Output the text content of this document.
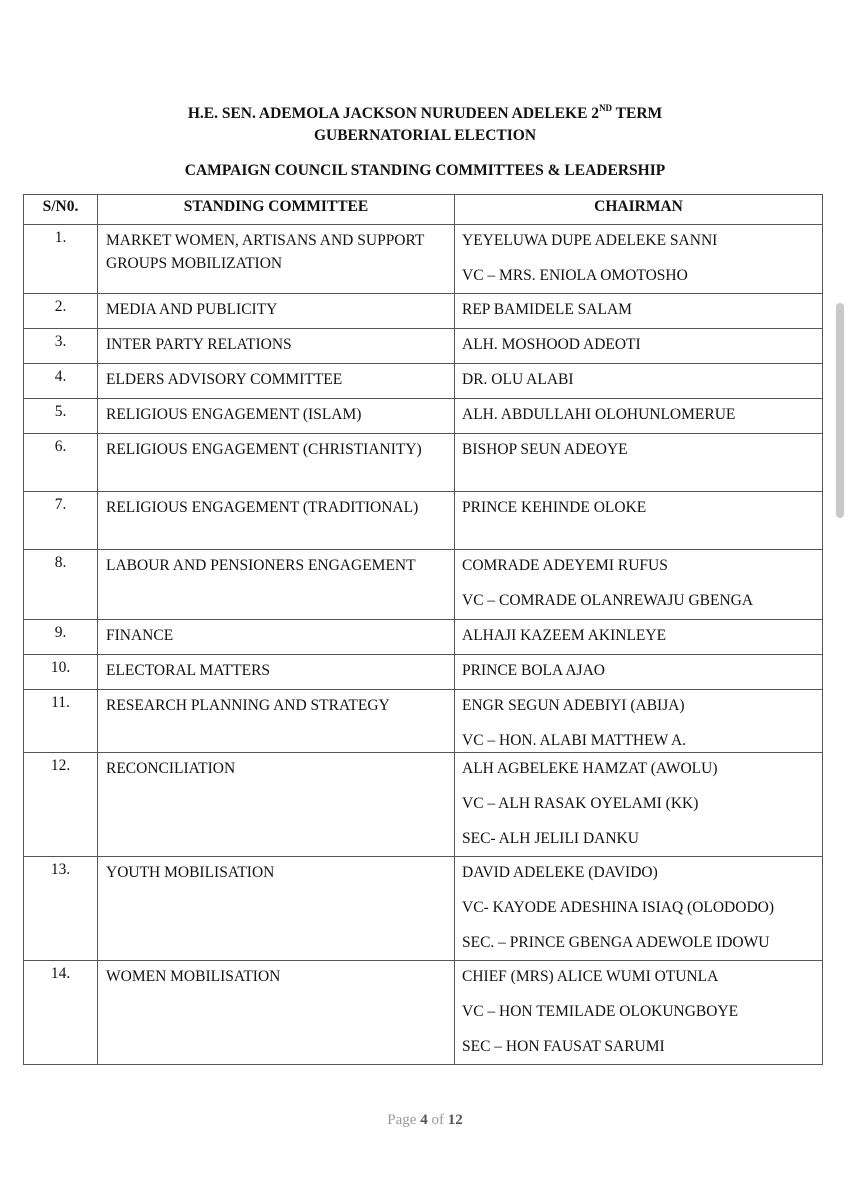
H.E. SEN. ADEMOLA JACKSON NURUDEEN ADELEKE 2ND TERM
GUBERNATORIAL ELECTION
CAMPAIGN COUNCIL STANDING COMMITTEES & LEADERSHIP
S/N0.	STANDING COMMITTEE	CHAIRMAN
1.	MARKET WOMEN, ARTISANS AND SUPPORT GROUPS MOBILIZATION	YEYELUWA DUPE ADELEKE SANNI
VC – MRS. ENIOLA OMOTOSHO

2.	MEDIA AND PUBLICITY	REP BAMIDELE SALAM

3.	INTER PARTY RELATIONS	ALH. MOSHOOD ADEOTI

4.	ELDERS ADVISORY COMMITTEE	DR. OLU ALABI

5.	RELIGIOUS ENGAGEMENT (ISLAM)	ALH. ABDULLAHI OLOHUNLOMERUE

6.	RELIGIOUS ENGAGEMENT (CHRISTIANITY)	BISHOP SEUN ADEOYE

7.	RELIGIOUS ENGAGEMENT (TRADITIONAL)	PRINCE KEHINDE OLOKE

8.	LABOUR AND PENSIONERS ENGAGEMENT	COMRADE ADEYEMI RUFUS
VC – COMRADE OLANREWAJU GBENGA

9.	FINANCE	ALHAJI KAZEEM AKINLEYE

10.	ELECTORAL MATTERS	PRINCE BOLA AJAO

11.	RESEARCH PLANNING AND STRATEGY	ENGR SEGUN ADEBIYI (ABIJA)
VC – HON. ALABI MATTHEW A.

12.	RECONCILIATION	ALH AGBELEKE HAMZAT (AWOLU)
VC – ALH RASAK OYELAMI (KK)
SEC- ALH JELILI DANKU

13.	YOUTH MOBILISATION	DAVID ADELEKE (DAVIDO)
VC- KAYODE ADESHINA ISIAQ (OLODODO)
SEC. – PRINCE GBENGA ADEWOLE IDOWU

14.	WOMEN MOBILISATION	CHIEF (MRS) ALICE WUMI OTUNLA
VC – HON TEMILADE OLOKUNGBOYE
SEC – HON FAUSAT SARUMI
Page 4 of 12
